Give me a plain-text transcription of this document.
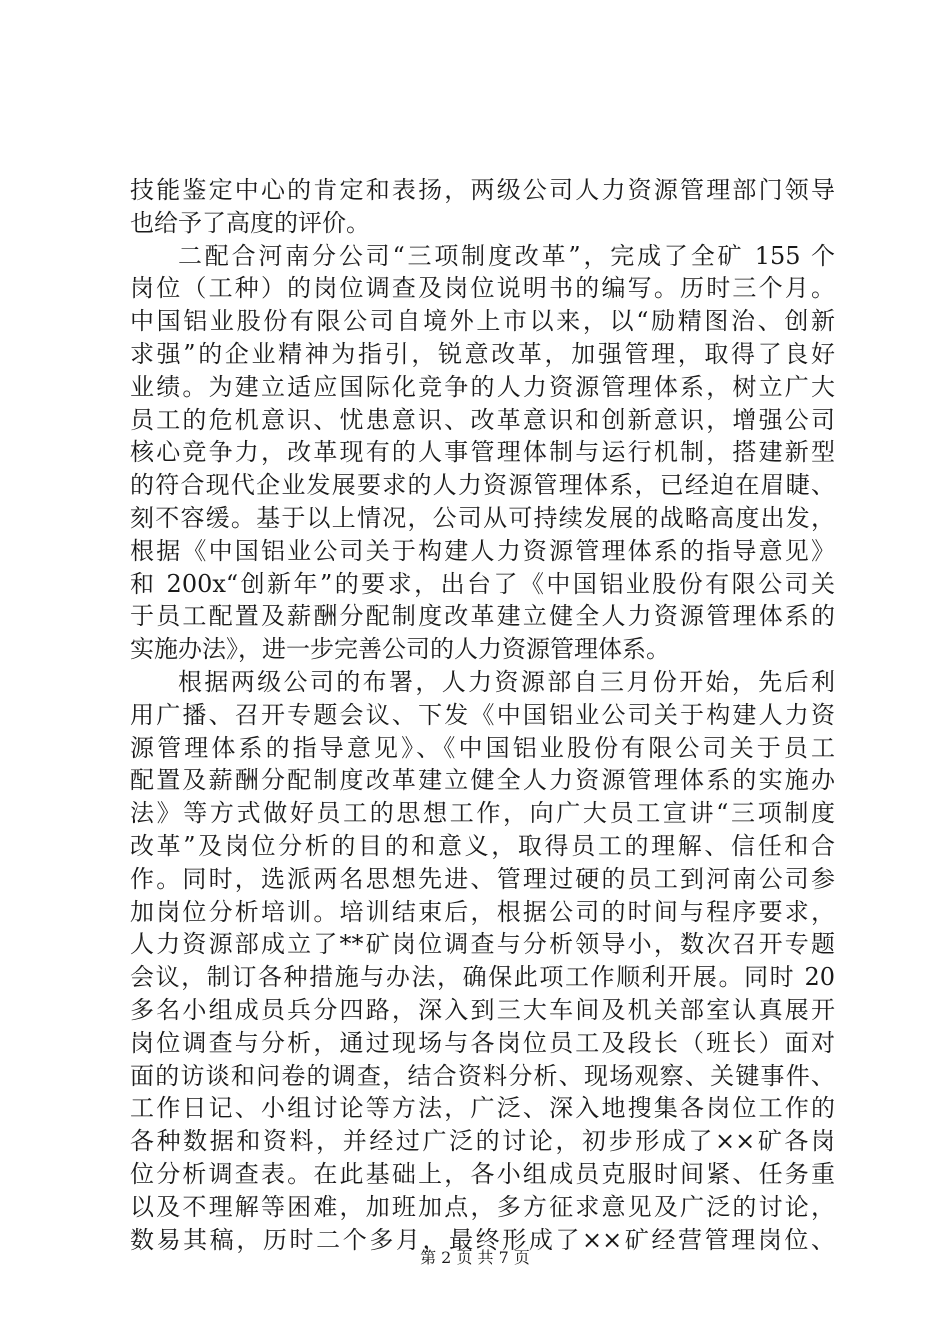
技能鉴定中心的肯定和表扬，两级公司人力资源管理部门领导
也给予了高度的评价。
二配合河南分公司“三项制度改革”，完成了全矿 155 个
岗位（工种）的岗位调查及岗位说明书的编写。历时三个月。
中国铝业股份有限公司自境外上市以来，以“励精图治、创新
求强”的企业精神为指引，锐意改革，加强管理，取得了良好
业绩。为建立适应国际化竞争的人力资源管理体系，树立广大
员工的危机意识、忧患意识、改革意识和创新意识，增强公司
核心竞争力，改革现有的人事管理体制与运行机制，搭建新型
的符合现代企业发展要求的人力资源管理体系，已经迫在眉睫、
刻不容缓。基于以上情况，公司从可持续发展的战略高度出发，
根据《中国铝业公司关于构建人力资源管理体系的指导意见》
和 200x“创新年”的要求，出台了《中国铝业股份有限公司关
于员工配置及薪酬分配制度改革建立健全人力资源管理体系的
实施办法》，进一步完善公司的人力资源管理体系。
根据两级公司的布署，人力资源部自三月份开始，先后利
用广播、召开专题会议、下发《中国铝业公司关于构建人力资
源管理体系的指导意见》、《中国铝业股份有限公司关于员工
配置及薪酬分配制度改革建立健全人力资源管理体系的实施办
法》等方式做好员工的思想工作，向广大员工宣讲“三项制度
改革”及岗位分析的目的和意义，取得员工的理解、信任和合
作。同时，选派两名思想先进、管理过硬的员工到河南公司参
加岗位分析培训。培训结束后，根据公司的时间与程序要求，
人力资源部成立了**矿岗位调查与分析领导小，数次召开专题
会议，制订各种措施与办法，确保此项工作顺利开展。同时 20
多名小组成员兵分四路，深入到三大车间及机关部室认真展开
岗位调查与分析，通过现场与各岗位员工及段长（班长）面对
面的访谈和问卷的调查，结合资料分析、现场观察、关键事件、
工作日记、小组讨论等方法，广泛、深入地搜集各岗位工作的
各种数据和资料，并经过广泛的讨论，初步形成了××矿各岗
位分析调查表。在此基础上，各小组成员克服时间紧、任务重
以及不理解等困难，加班加点，多方征求意见及广泛的讨论，
数易其稿，历时二个多月，最终形成了××矿经营管理岗位、
第 2 页 共 7 页
